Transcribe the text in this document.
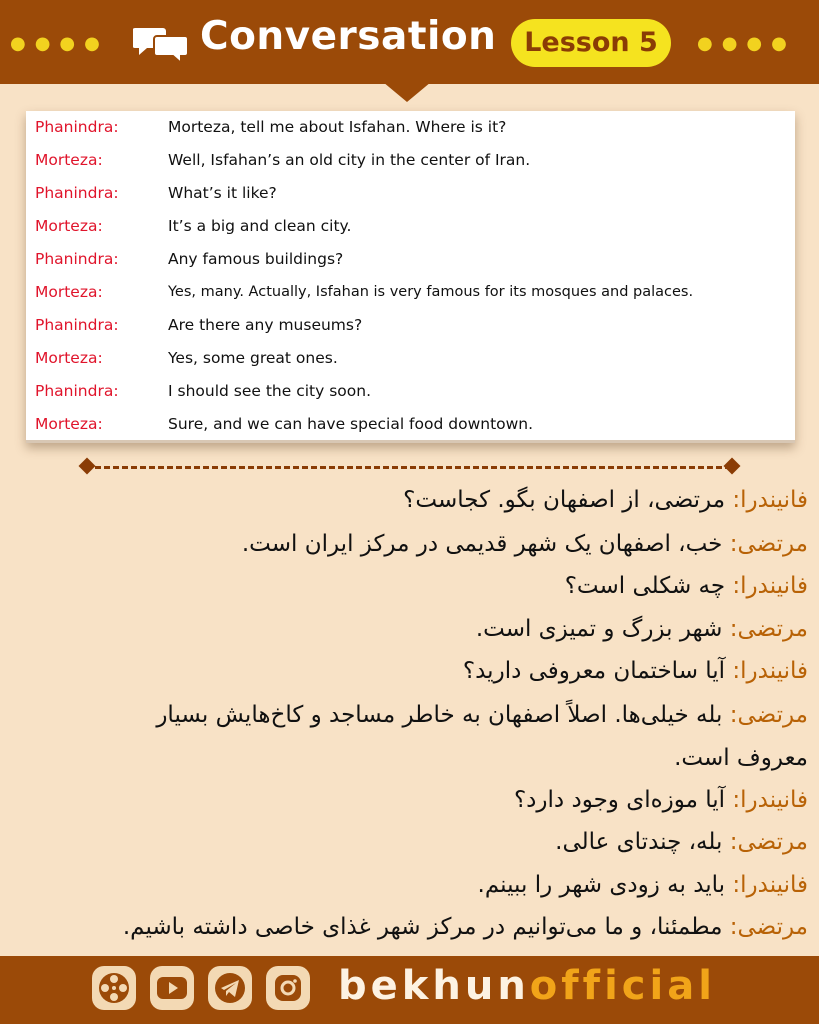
●●●●	●●●●
Conversation	Lesson 5
Phanindra:	Morteza, tell me about Isfahan. Where is it?
Morteza:	Well, Isfahan’s an old city in the center of Iran.
Phanindra:	What’s it like?
Morteza:	It’s a big and clean city.
Phanindra:	Any famous buildings?
Morteza:	Yes, many. Actually, Isfahan is very famous for its mosques and palaces.
Phanindra:	Are there any museums?
Morteza:	Yes, some great ones.
Phanindra:	I should see the city soon.
Morteza:	Sure, and we can have special food downtown.
فانیندرا: مرتضی، از اصفهان بگو. کجاست؟
مرتضی: خب، اصفهان یک شهر قدیمی در مرکز ایران است.
فانیندرا: چه شکلی است؟
مرتضی: شهر بزرگ و تمیزی است.
فانیندرا: آیا ساختمان معروفی دارید؟
مرتضی: بله خیلی‌ها. اصلاً اصفهان به خاطر مساجد و کاخ‌هایش بسیار
معروف است.
فانیندرا: آیا موزه‌ای وجود دارد؟
مرتضی: بله، چندتای عالی.
فانیندرا: باید به زودی شهر را ببینم.
مرتضی: مطمئنا، و ما می‌توانیم در مرکز شهر غذای خاصی داشته باشیم.
bekhunofficial
